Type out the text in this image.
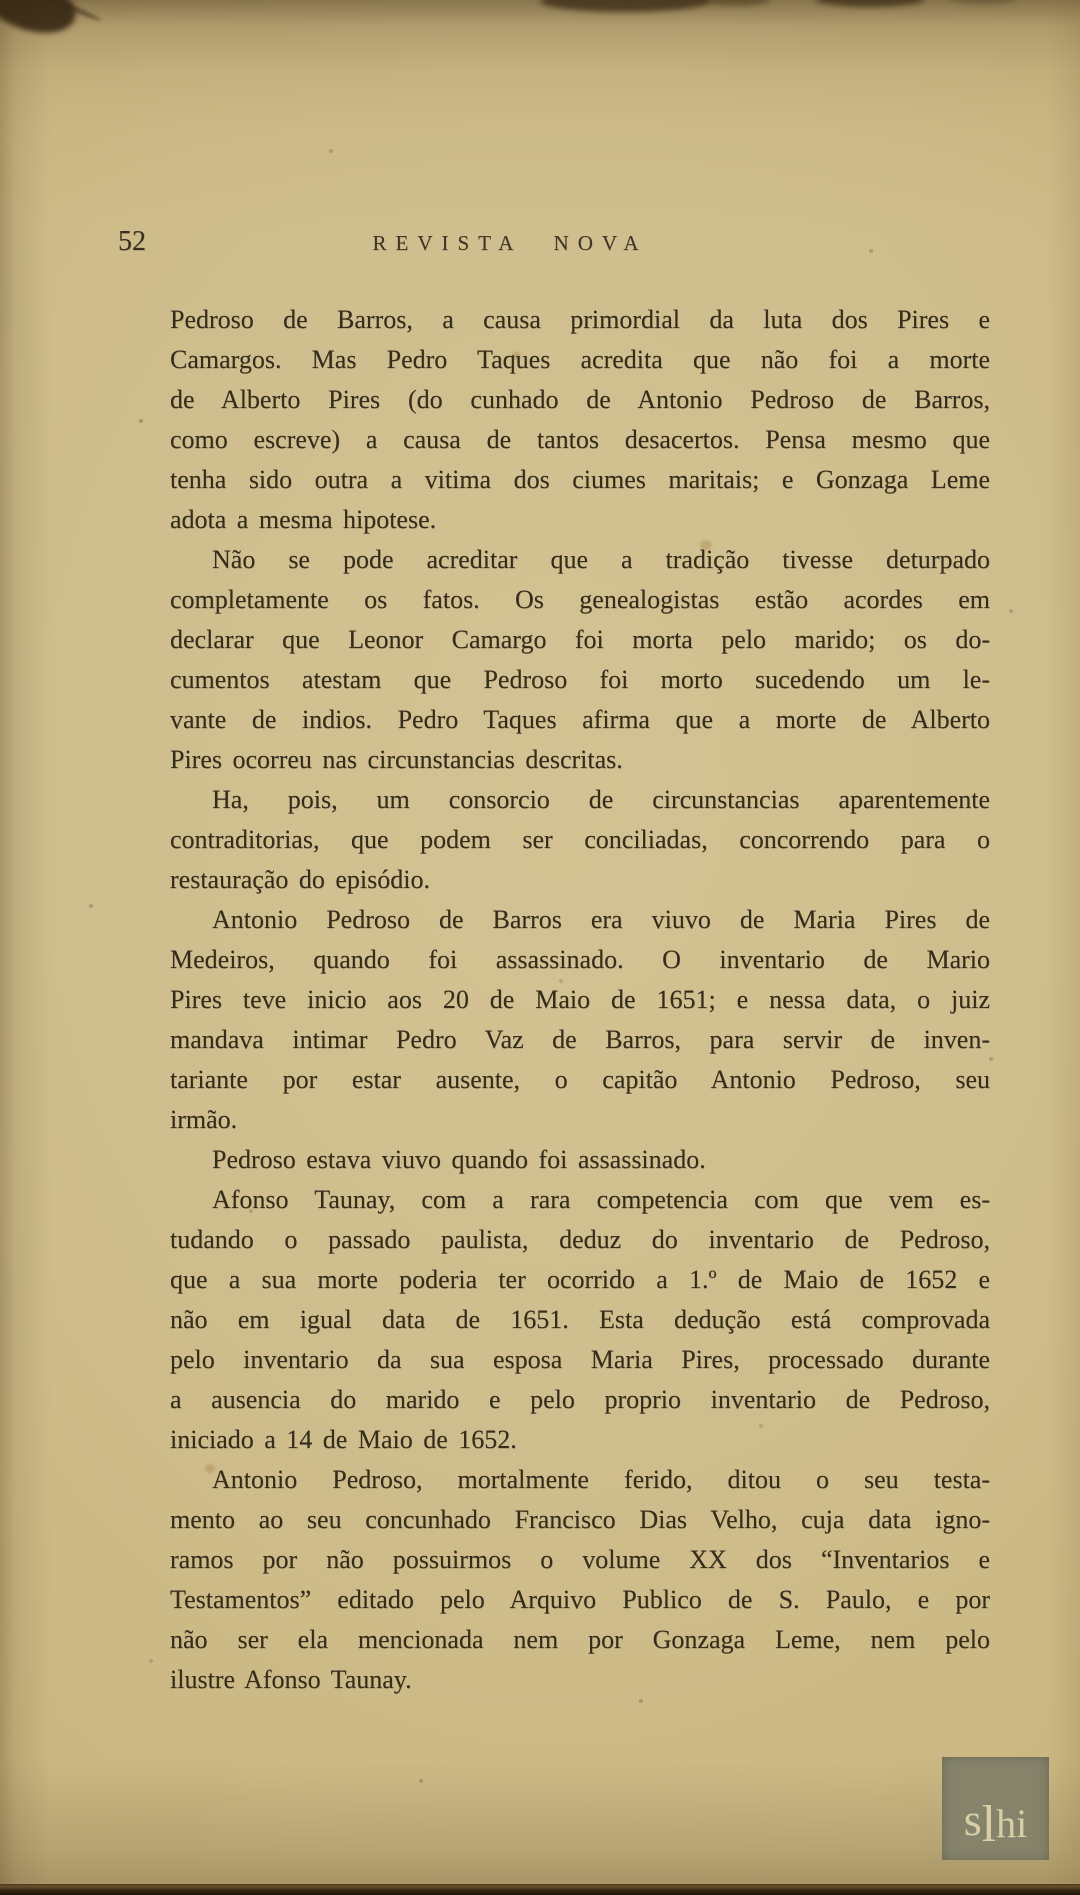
52	REVISTA NOVA
Pedroso de Barros, a causa primordial da luta dos Pires e
Camargos. Mas Pedro Taques acredita que não foi a morte
de Alberto Pires (do cunhado de Antonio Pedroso de Barros,
como escreve) a causa de tantos desacertos. Pensa mesmo que
tenha sido outra a vitima dos ciumes maritais; e Gonzaga Leme
adota a mesma hipotese.
Não se pode acreditar que a tradição tivesse deturpado
completamente os fatos. Os genealogistas estão acordes em
declarar que Leonor Camargo foi morta pelo marido; os do-
cumentos atestam que Pedroso foi morto sucedendo um le-
vante de indios. Pedro Taques afirma que a morte de Alberto
Pires ocorreu nas circunstancias descritas.
Ha, pois, um consorcio de circunstancias aparentemente
contraditorias, que podem ser conciliadas, concorrendo para o
restauração do episódio.
Antonio Pedroso de Barros era viuvo de Maria Pires de
Medeiros, quando foi assassinado. O inventario de Mario
Pires teve inicio aos 20 de Maio de 1651; e nessa data, o juiz
mandava intimar Pedro Vaz de Barros, para servir de inven-
tariante por estar ausente, o capitão Antonio Pedroso, seu
irmão.
Pedroso estava viuvo quando foi assassinado.
Afonso Taunay, com a rara competencia com que vem es-
tudando o passado paulista, deduz do inventario de Pedroso,
que a sua morte poderia ter ocorrido a 1.º de Maio de 1652 e
não em igual data de 1651. Esta dedução está comprovada
pelo inventario da sua esposa Maria Pires, processado durante
a ausencia do marido e pelo proprio inventario de Pedroso,
iniciado a 14 de Maio de 1652.
Antonio Pedroso, mortalmente ferido, ditou o seu testa-
mento ao seu concunhado Francisco Dias Velho, cuja data igno-
ramos por não possuirmos o volume XX dos “Inventarios e
Testamentos” editado pelo Arquivo Publico de S. Paulo, e por
não ser ela mencionada nem por Gonzaga Leme, nem pelo
ilustre Afonso Taunay.
s l h i
